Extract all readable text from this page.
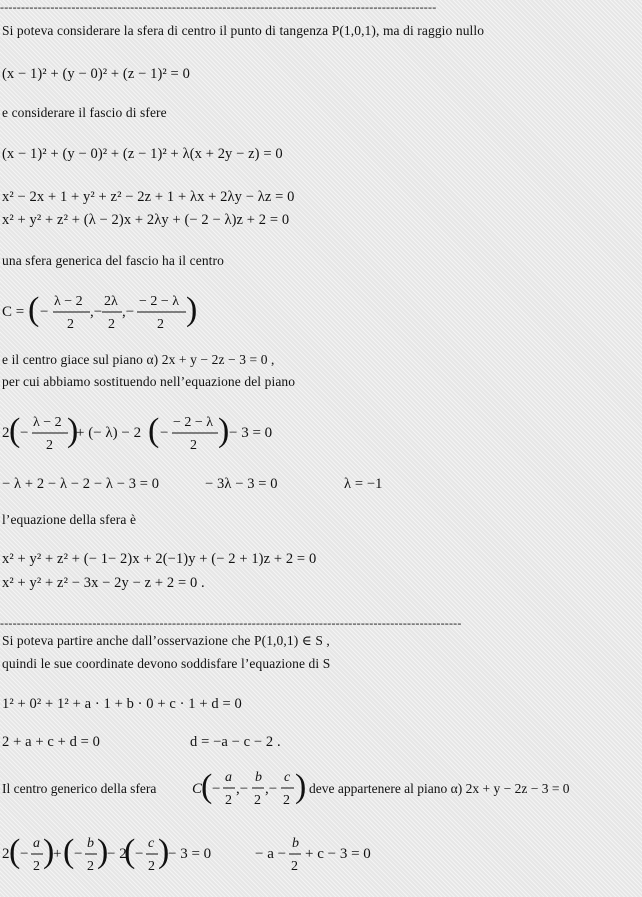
--------------------------------------------------------------------------------------------------------
Si poteva considerare la sfera di centro il punto di tangenza P(1,0,1), ma di raggio nullo
(x − 1)² + (y − 0)² + (z − 1)² = 0
e considerare il fascio di sfere
(x − 1)² + (y − 0)² + (z − 1)² + λ(x + 2y − z) = 0
x² − 2x + 1 + y² + z² − 2z + 1 + λx + 2λy − λz = 0
x² + y² + z² + (λ − 2)x + 2λy + (− 2 − λ)z + 2 = 0
una sfera generica del fascio ha il centro
C = ( −
λ − 2
2
,−
2λ
2
,−
− 2 − λ
2 )
e il centro giace sul piano α) 2x + y − 2z − 3 = 0 ,
per cui abbiamo sostituendo nell’equazione del piano
2 ( −
λ − 2
2 )
+ (− λ) − 2 ( −
− 2 − λ
2 ) − 3 = 0
− λ + 2 − λ − 2 − λ − 3 = 0	− 3λ − 3 = 0	λ = −1
l’equazione della sfera è
x² + y² + z² + (− 1− 2)x + 2(−1)y + (− 2 + 1)z + 2 = 0
x² + y² + z² − 3x − 2y − z + 2 = 0 .
--------------------------------------------------------------------------------------------------------------
Si poteva partire anche dall’osservazione che P(1,0,1) ∈ S ,
quindi le sue coordinate devono soddisfare l’equazione di S
1² + 0² + 1² + a · 1 + b · 0 + c · 1 + d = 0
2 + a + c + d = 0	d = −a − c − 2 .
Il centro generico della sfera C
( −
a
2
,−
b
2
,−
c
2 ) deve appartenere al piano α) 2x + y − 2z − 3 = 0
2 ( −
a
2 )
+ ( −
b
2 )
− 2
( −
c
2 )
− 3 = 0	− a −
b
2
+ c − 3 = 0
